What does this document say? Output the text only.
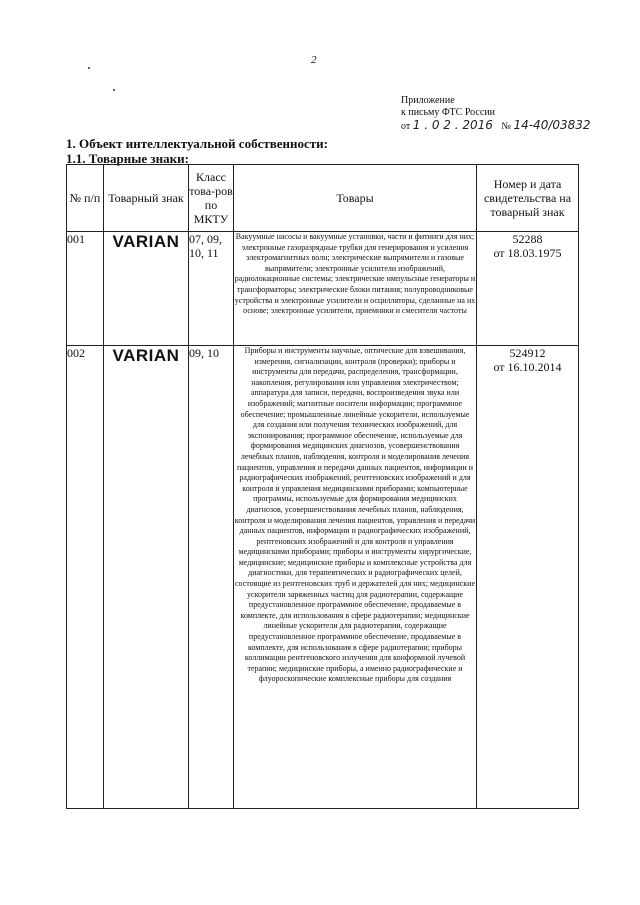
2
Приложение
к письму ФТС России
от 1 . 0 2 . 2016 № 14-40/03832
1. Объект интеллектуальной собственности:
1.1. Товарные знаки:
№ п/п	Товарный знак	Класс това-ров по МКТУ	Товары	Номер и дата свидетельства на товарный знак
001	VARIAN	07, 09, 10, 11	Вакуумные насосы и вакуумные установки, части и фитинги для них; электронные газоразрядные трубки для генерирования и усиления электромагнитных волн; электрические выпрямители и газовые выпрямители; электронные усилители изображений, радиолокационные системы; электрические импульсные генераторы и трансформаторы; электрические блоки питания; полупроводниковые устройства и электронные усилители и осцилляторы, сделанные на их основе; электронные усилители, приемники и смесители частоты	52288
от 18.03.1975

002	VARIAN	09, 10	Приборы и инструменты научные, оптические для взвешивания, измерения, сигнализации, контроля (проверки); приборы и инструменты для передачи, распределения, трансформации, накопления, регулирования или управления электричеством; аппаратура для записи, передачи, воспроизведения звука или изображений; магнитные носители информации; программное обеспечение; промышленные линейные ускорители, используемые для создания или получения технических изображений, для экспонирования; программное обеспечение, используемые для формирования медицинских диагнозов, усовершенствования лечебных планов, наблюдения, контроля и моделирования лечения пациентов, управления и передачи данных пациентов, информации и радиографических изображений, рентгеновских изображений и для контроля и управления медицинскими приборами; компьютерные программы, используемые для формирования медицинских диагнозов, усовершенствования лечебных планов, наблюдения, контроля и моделирования лечения пациентов, управления и передачи данных пациентов, информации и радиографических изображений, рентгеновских изображений и для контроля и управления медицинскими приборами; приборы и инструменты хирургические, медицинские; медицинские приборы и комплексные устройства для диагностики, для терапевтических и радиографических целей, состоящие из рентгеновских труб и держателей для них; медицинские ускорители заряженных частиц для радиотерапии, содержащие предустановленное программное обеспечение, продаваемые в комплекте, для использования в сфере радиотерапии; медицинские линейные ускорители для радиотерапии, содержащие предустановленное программное обеспечение, продаваемые в комплекте, для использования в сфере радиотерапии; приборы коллимации рентгеновского излучения для конформной лучевой терапии; медицинские приборы, а именно радиографические и флуороскопические комплексные приборы для создания	524912
от 16.10.2014
